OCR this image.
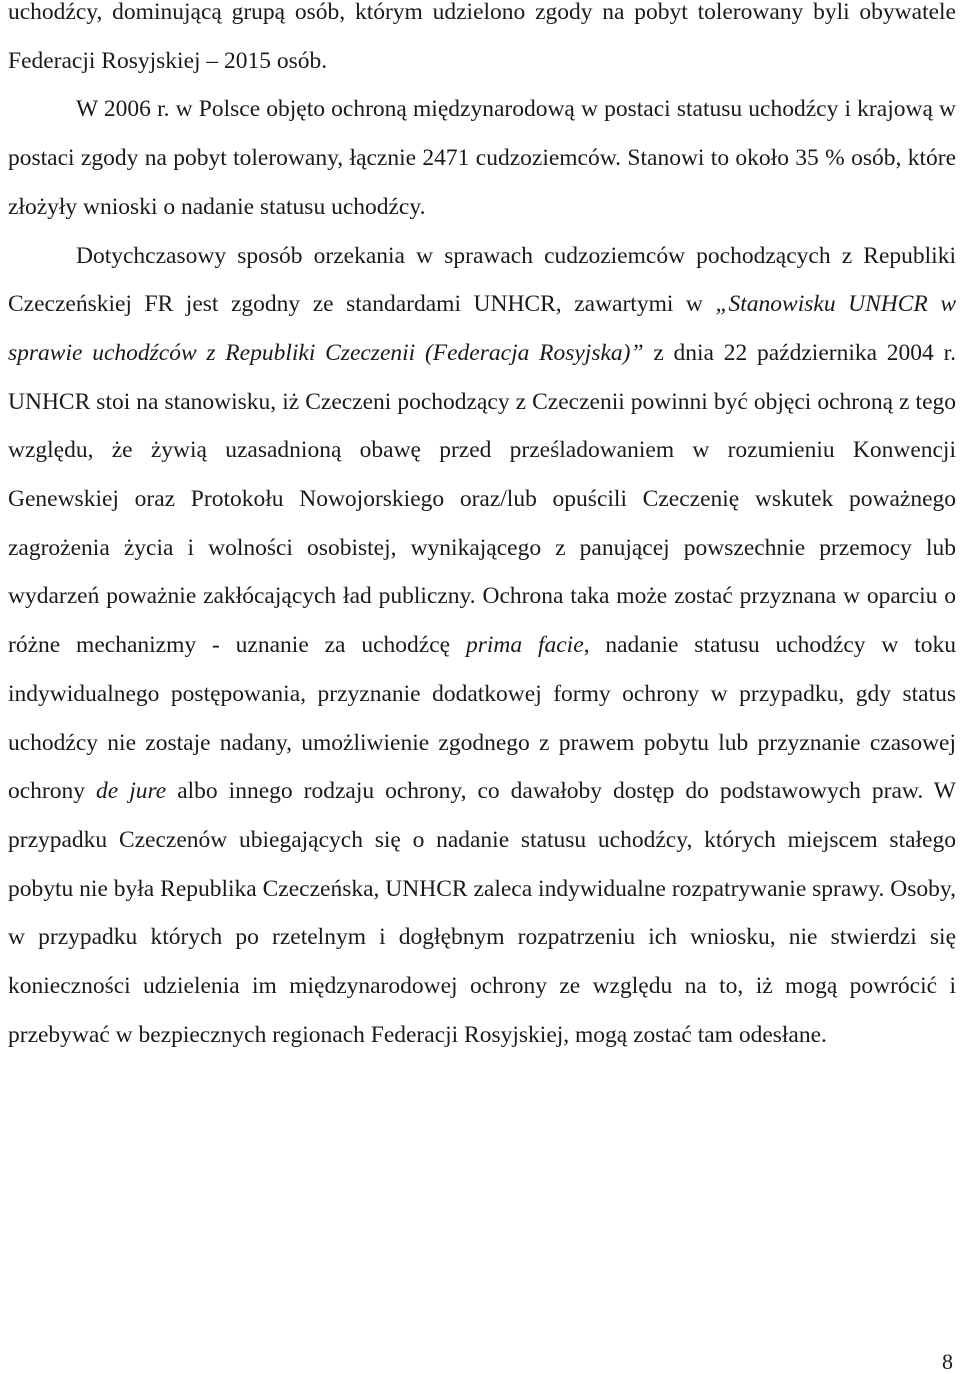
uchodźcy, dominującą grupą osób, którym udzielono zgody na pobyt tolerowany byli obywatele Federacji Rosyjskiej – 2015 osób.

W 2006 r. w Polsce objęto ochroną międzynarodową w postaci statusu uchodźcy i krajową w postaci zgody na pobyt tolerowany, łącznie 2471 cudzoziemców. Stanowi to około 35 % osób, które złożyły wnioski o nadanie statusu uchodźcy.

Dotychczasowy sposób orzekania w sprawach cudzoziemców pochodzących z Republiki Czeczeńskiej FR jest zgodny ze standardami UNHCR, zawartymi w „Stanowisku UNHCR w sprawie uchodźców z Republiki Czeczenii (Federacja Rosyjska)” z dnia 22 października 2004 r. UNHCR stoi na stanowisku, iż Czeczeni pochodzący z Czeczenii powinni być objęci ochroną z tego względu, że żywią uzasadnioną obawę przed prześladowaniem w rozumieniu Konwencji Genewskiej oraz Protokołu Nowojorskiego oraz/lub opuścili Czeczenię wskutek poważnego zagrożenia życia i wolności osobistej, wynikającego z panującej powszechnie przemocy lub wydarzeń poważnie zakłócających ład publiczny. Ochrona taka może zostać przyznana w oparciu o różne mechanizmy - uznanie za uchodźcę prima facie, nadanie statusu uchodźcy w toku indywidualnego postępowania, przyznanie dodatkowej formy ochrony w przypadku, gdy status uchodźcy nie zostaje nadany, umożliwienie zgodnego z prawem pobytu lub przyznanie czasowej ochrony de jure albo innego rodzaju ochrony, co dawałoby dostęp do podstawowych praw. W przypadku Czeczenów ubiegających się o nadanie statusu uchodźcy, których miejscem stałego pobytu nie była Republika Czeczeńska, UNHCR zaleca indywidualne rozpatrywanie sprawy. Osoby, w przypadku których po rzetelnym i dogłębnym rozpatrzeniu ich wniosku, nie stwierdzi się konieczności udzielenia im międzynarodowej ochrony ze względu na to, iż mogą powrócić i przebywać w bezpiecznych regionach Federacji Rosyjskiej, mogą zostać tam odesłane.

8
